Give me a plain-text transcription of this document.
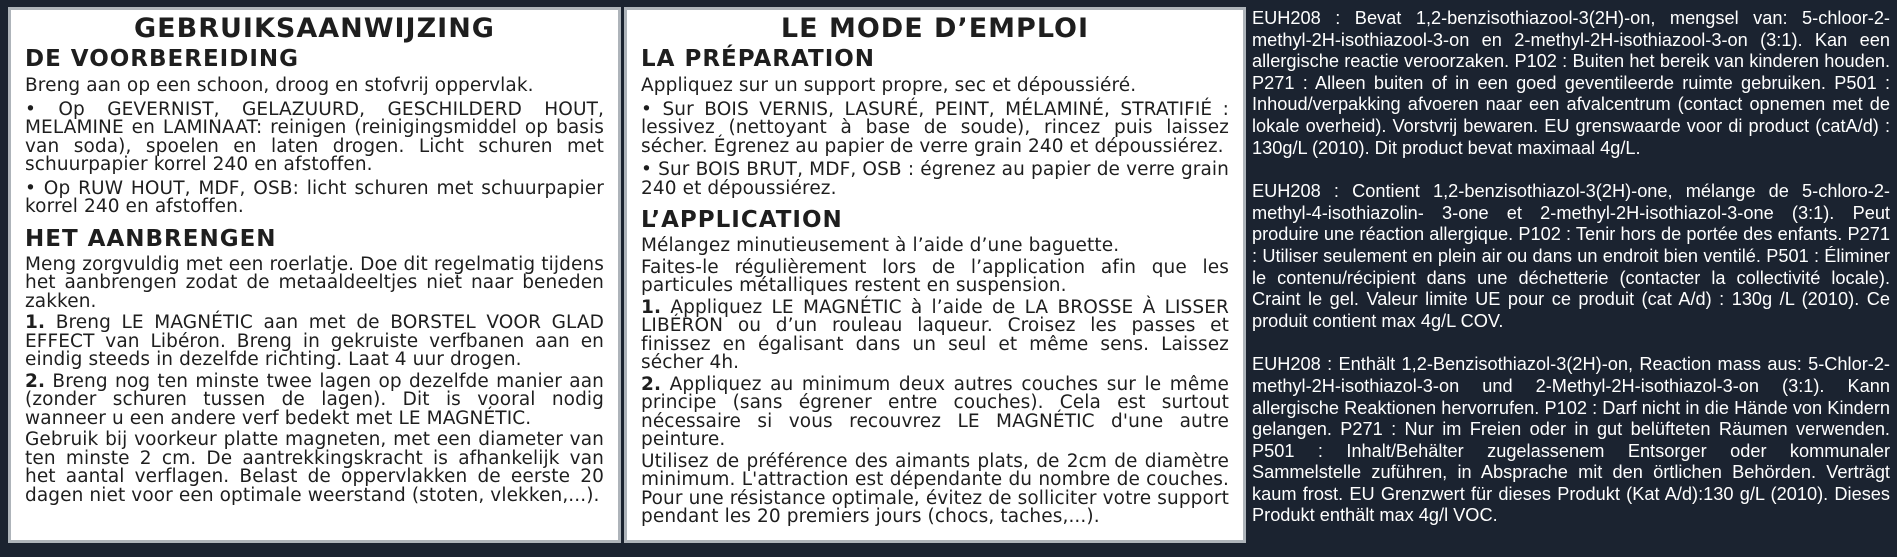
GEBRUIKSAANWIJZING
DE VOORBEREIDING
Breng aan op een schoon, droog en stofvrij oppervlak.
• Op GEVERNIST, GELAZUURD, GESCHILDERD HOUT, MELAMINE en LAMINAAT: reinigen (reinigingsmiddel op basis van soda), spoelen en laten drogen. Licht schuren met schuurpapier korrel 240 en afstoffen.
• Op RUW HOUT, MDF, OSB: licht schuren met schuurpapier korrel 240 en afstoffen.
HET AANBRENGEN
Meng zorgvuldig met een roerlatje. Doe dit regelmatig tijdens het aanbrengen zodat de metaaldeeltjes niet naar beneden zakken.
1. Breng LE MAGNÉTIC aan met de BORSTEL VOOR GLAD EFFECT van Libéron. Breng in gekruiste verfbanen aan en eindig steeds in dezelfde richting. Laat 4 uur drogen.
2. Breng nog ten minste twee lagen op dezelfde manier aan (zonder schuren tussen de lagen). Dit is vooral nodig wanneer u een andere verf bedekt met LE MAGNÉTIC.
Gebruik bij voorkeur platte magneten, met een diameter van ten minste 2 cm. De aantrekkingskracht is afhankelijk van het aantal verflagen. Belast de oppervlakken de eerste 20 dagen niet voor een optimale weerstand (stoten, vlekken,...).
LE MODE D’EMPLOI
LA PRÉPARATION
Appliquez sur un support propre, sec et dépoussiéré.
• Sur BOIS VERNIS, LASURÉ, PEINT, MÉLAMINÉ, STRATIFIÉ : lessivez (nettoyant à base de soude), rincez puis laissez sécher. Égrenez au papier de verre grain 240 et dépoussiérez.
• Sur BOIS BRUT, MDF, OSB : égrenez au papier de verre grain 240 et dépoussiérez.
L’APPLICATION
Mélangez minutieusement à l’aide d’une baguette.
Faites-le régulièrement lors de l’application afin que les particules métalliques restent en suspension.
1. Appliquez LE MAGNÉTIC à l’aide de LA BROSSE À LISSER LIBÉRON ou d’un rouleau laqueur. Croisez les passes et finissez en égalisant dans un seul et même sens. Laissez sécher 4h.
2. Appliquez au minimum deux autres couches sur le même principe (sans égrener entre couches). Cela est surtout nécessaire si vous recouvrez LE MAGNÉTIC d'une autre peinture.
Utilisez de préférence des aimants plats, de 2cm de diamètre minimum. L'attraction est dépendante du nombre de couches. Pour une résistance optimale, évitez de solliciter votre support pendant les 20 premiers jours (chocs, taches,...).
EUH208 : Bevat 1,2-benzisothiazool-3(2H)-on, mengsel van: 5-chloor-2-methyl-2H-isothiazool-3-on en 2-methyl-2H-isothiazool-3-on (3:1). Kan een allergische reactie veroorzaken. P102 : Buiten het bereik van kinderen houden. P271 : Alleen buiten of in een goed geventileerde ruimte gebruiken. P501 : Inhoud/verpakking afvoeren naar een afvalcentrum (contact opnemen met de lokale overheid). Vorstvrij bewaren. EU grenswaarde voor di product (catA/d) : 130g/L (2010). Dit product bevat maximaal 4g/L.
EUH208 : Contient 1,2-benzisothiazol-3(2H)-one, mélange de 5-chloro-2-methyl-4-isothiazolin- 3-one et 2-methyl-2H-isothiazol-3-one (3:1). Peut produire une réaction allergique. P102 : Tenir hors de portée des enfants. P271 : Utiliser seulement en plein air ou dans un endroit bien ventilé. P501 : Éliminer le contenu/récipient dans une déchetterie (contacter la collectivité locale). Craint le gel. Valeur limite UE pour ce produit (cat A/d) : 130g /L (2010). Ce produit contient max 4g/L COV.
EUH208 : Enthält 1,2-Benzisothiazol-3(2H)-on, Reaction mass aus: 5-Chlor-2-methyl-2H-isothiazol-3-on und 2-Methyl-2H-isothiazol-3-on (3:1). Kann allergische Reaktionen hervorrufen. P102 : Darf nicht in die Hände von Kindern gelangen. P271 : Nur im Freien oder in gut belüfteten Räumen verwenden. P501 : Inhalt/Behälter zugelassenem Entsorger oder kommunaler Sammelstelle zuführen, in Absprache mit den örtlichen Behörden. Verträgt kaum frost. EU Grenzwert für dieses Produkt (Kat A/d):130 g/L (2010). Dieses Produkt enthält max 4g/l VOC.
